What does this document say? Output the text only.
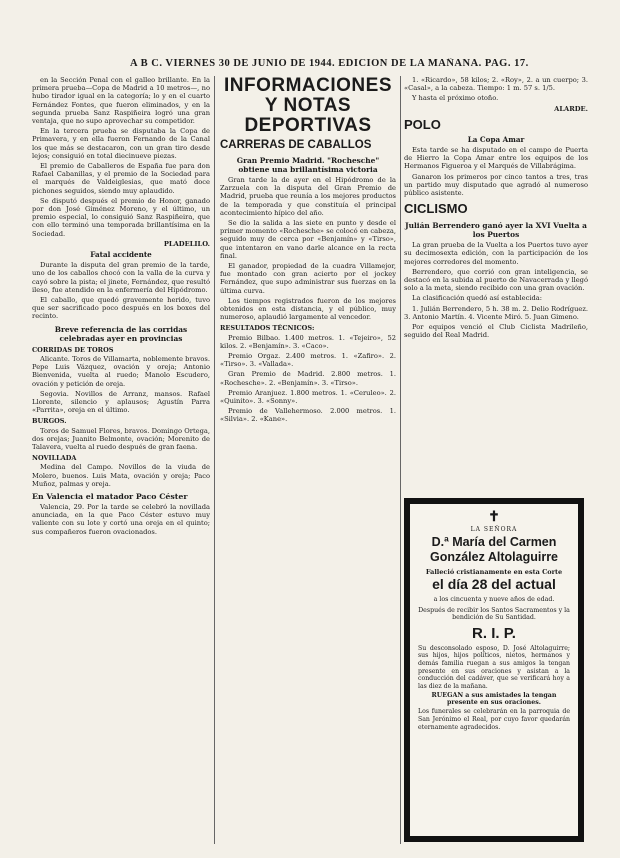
A B C. VIERNES 30 DE JUNIO DE 1944. EDICION DE LA MAÑANA. PAG. 17.

en la Sección Penal con el galleo brillante. En la primera prueba—Copa de Madrid a 10 metros—, no hubo tirador igual en la categoría; lo y en el cuarto Fernández Fontes, que fueron eliminados, y en la segunda prueba Sanz Raspiñeira logró una gran ventaja, que no supo aprovechar su competidor.

En la tercera prueba se disputaba la Copa de Primavera, y en ella fueron Fernando de la Canal los que más se destacaron, con un gran tiro desde lejos; consiguió en total diecinueve piezas.

El premio de Caballeros de España fue para don Rafael Cabanillas, y el premio de la Sociedad para el marqués de Valdeiglesias, que mató doce pichones seguidos, siendo muy aplaudido.

Se disputó después el premio de Honor, ganado por don José Giménez Moreno, y el último, un premio especial, lo consiguió Sanz Raspiñeira, que con ello terminó una temporada brillantísima en la Sociedad.

PLADELILO.

Fatal accidente

Durante la disputa del gran premio de la tarde, uno de los caballos chocó con la valla de la curva y cayó sobre la pista; el jinete, Fernández, que resultó ileso, fue atendido en la enfermería del Hipódromo.

El caballo, que quedó gravemente herido, tuvo que ser sacrificado poco después en los boxes del recinto.

Breve referencia de las corridas celebradas ayer en provincias
CORRIDAS DE TOROS

Alicante. Toros de Villamarta, noblemente bravos. Pepe Luis Vázquez, ovación y oreja; Antonio Bienvenida, vuelta al ruedo; Manolo Escudero, ovación y petición de oreja.

Segovia. Novillos de Arranz, mansos. Rafael Llorente, silencio y aplausos; Agustín Parra «Parrita», oreja en el último.

BURGOS.

Toros de Samuel Flores, bravos. Domingo Ortega, dos orejas; Juanito Belmonte, ovación; Morenito de Talavera, vuelta al ruedo después de gran faena.

NOVILLADA

Medina del Campo. Novillos de la viuda de Molero, buenos. Luis Mata, ovación y oreja; Paco Muñoz, palmas y oreja.

En Valencia el matador Paco Céster

Valencia, 29. Por la tarde se celebró la novillada anunciada, en la que Paco Céster estuvo muy valiente con su lote y cortó una oreja en el quinto; sus compañeros fueron ovacionados.

INFORMACIONES Y NOTAS DEPORTIVAS
CARRERAS DE CABALLOS
Gran Premio Madrid. "Rochesche" obtiene una brillantísima victoria

Gran tarde la de ayer en el Hipódromo de la Zarzuela con la disputa del Gran Premio de Madrid, prueba que reunía a los mejores productos de la temporada y que constituía el principal acontecimiento hípico del año.

Se dio la salida a las siete en punto y desde el primer momento «Rochesche» se colocó en cabeza, seguido muy de cerca por «Benjamín» y «Tirso», que intentaron en vano darle alcance en la recta final.

El ganador, propiedad de la cuadra Villamejor, fue montado con gran acierto por el jockey Fernández, que supo administrar sus fuerzas en la última curva.

Los tiempos registrados fueron de los mejores obtenidos en esta distancia, y el público, muy numeroso, aplaudió largamente al vencedor.

RESULTADOS TÉCNICOS:

Premio Bilbao. 1.400 metros. 1. «Tejeiro», 52 kilos. 2. «Benjamín». 3. «Caco».

Premio Orgaz. 2.400 metros. 1. «Zafiro». 2. «Tirso». 3. «Vallada».

Gran Premio de Madrid. 2.800 metros. 1. «Rochesche». 2. «Benjamín». 3. «Tirso».

Premio Aranjuez. 1.800 metros. 1. «Ceruleo». 2. «Quinito». 3. «Sonny».

Premio de Vallehermoso. 2.000 metros. 1. «Silvia». 2. «Kane».

1. «Ricardo», 58 kilos; 2. «Roy», 2. a un cuerpo; 3. «Casal», a la cabeza. Tiempo: 1 m. 57 s. 1/5.

Y hasta el próximo otoño.

ALARDE.

POLO
La Copa Amar

Esta tarde se ha disputado en el campo de Puerta de Hierro la Copa Amar entre los equipos de los Hermanos Figueroa y el Marqués de Villabrágima.

Ganaron los primeros por cinco tantos a tres, tras un partido muy disputado que agradó al numeroso público asistente.

CICLISMO
Julián Berrendero ganó ayer la XVI Vuelta a los Puertos

La gran prueba de la Vuelta a los Puertos tuvo ayer su decimosexta edición, con la participación de los mejores corredores del momento.

Berrendero, que corrió con gran inteligencia, se destacó en la subida al puerto de Navacerrada y llegó solo a la meta, siendo recibido con una gran ovación.

La clasificación quedó así establecida:

1. Julián Berrendero, 5 h. 38 m. 2. Delio Rodríguez. 3. Antonio Martín. 4. Vicente Miró. 5. Juan Gimeno.

Por equipos venció el Club Ciclista Madrileño, seguido del Real Madrid.

✝
LA SEÑORA
D.ª María del Carmen González Altolaguirre
Falleció cristianamente en esta Corte
el día 28 del actual
a los cincuenta y nueve años de edad.
Después de recibir los Santos Sacramentos y la bendición de Su Santidad.
R. I. P.
Su desconsolado esposo, D. José Altolaguirre; sus hijos, hijos políticos, nietos, hermanos y demás familia ruegan a sus amigos la tengan presente en sus oraciones y asistan a la conducción del cadáver, que se verificará hoy a las diez de la mañana.
RUEGAN a sus amistades la tengan presente en sus oraciones.
Los funerales se celebrarán en la parroquia de San Jerónimo el Real, por cuyo favor quedarán eternamente agradecidos.
